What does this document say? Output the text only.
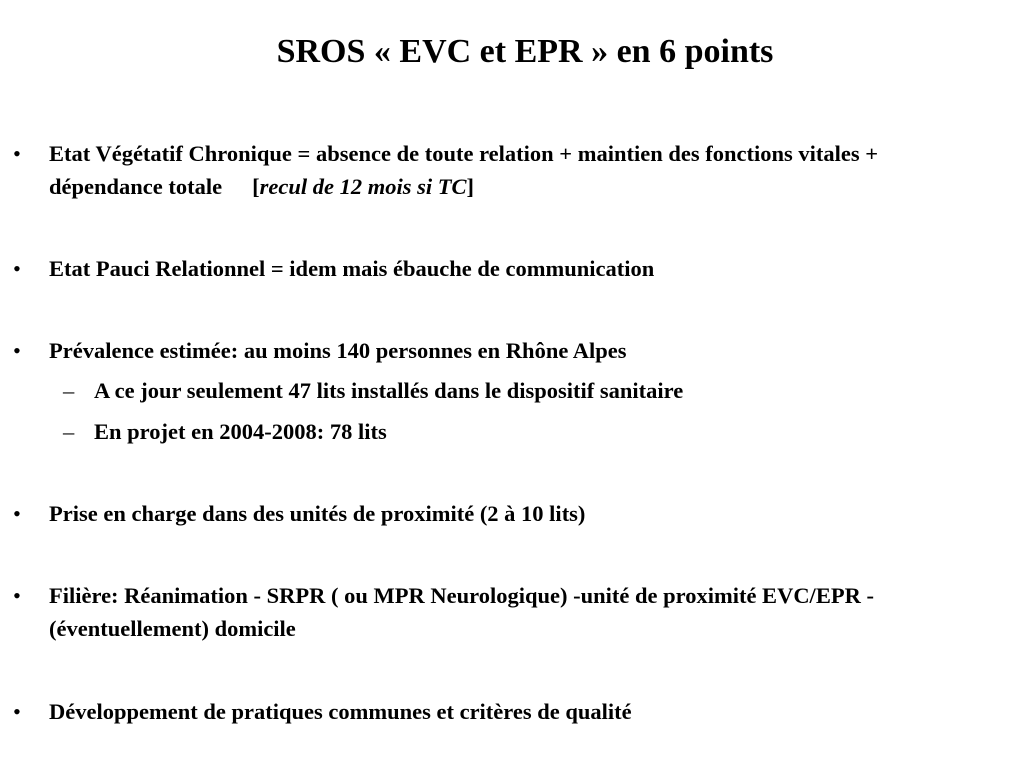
SROS « EVC et EPR » en 6 points
• Etat Végétatif Chronique = absence de toute relation + maintien des fonctions vitales + dépendance totale [recul de 12 mois si TC]
• Etat Pauci Relationnel = idem mais ébauche de communication
• Prévalence estimée: au moins 140 personnes en Rhône Alpes
– A ce jour seulement 47 lits installés dans le dispositif sanitaire
– En projet en 2004-2008: 78 lits
• Prise en charge dans des unités de proximité (2 à 10 lits)
• Filière: Réanimation - SRPR ( ou MPR Neurologique) -unité de proximité EVC/EPR - (éventuellement) domicile
• Développement de pratiques communes et critères de qualité
